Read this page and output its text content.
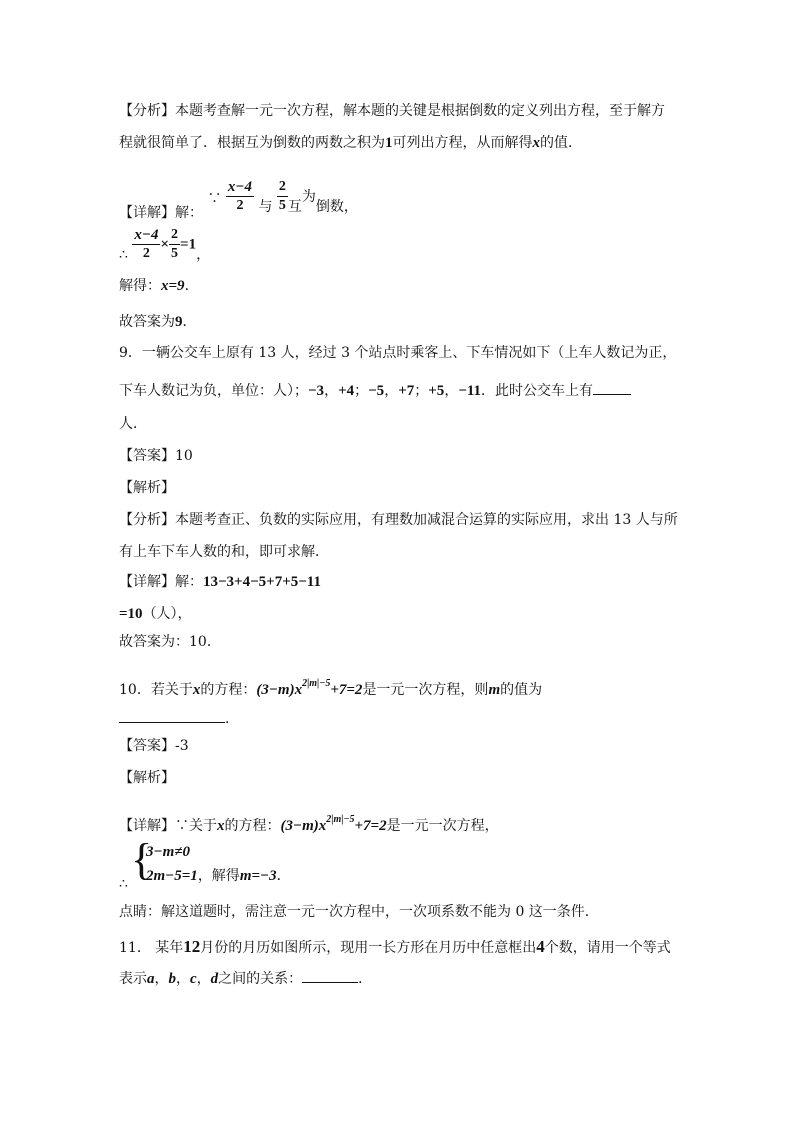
【分析】本题考查解一元一次方程，解本题的关键是根据倒数的定义列出方程，至于解方
程就很简单了．根据互为倒数的两数之积为1可列出方程，从而解得x的值．
【详解】解： ∵ $\frac{x-4}{2}$ 与 $\frac{2}{5}$ 互为倒数，
∴ $\frac{x-4}{2} \times \frac{2}{5} =1$，
解得：x=9．
故答案为9．
9．一辆公交车上原有 13 人，经过 3 个站点时乘客上、下车情况如下（上车人数记为正，
下车人数记为负，单位：人）；−3，+4；−5，+7；+5，−11．此时公交车上有
人．
【答案】10
【解析】
【分析】本题考查正、负数的实际应用，有理数加减混合运算的实际应用，求出 13 人与所
有上车下车人数的和，即可求解．
【详解】解：13−3+4−5+7+5−11
=10（人），
故答案为：10．
10．若关于x的方程：$(3-m)x^{2|m|-5}+7=2$是一元一次方程，则m的值为
．
【答案】-3
【解析】
【详解】∵关于x的方程：$(3-m)x^{2|m|-5}+7=2$是一元一次方程，
{
3−m≠0
2m−5=1，解得m=−3．
∴
点睛：解这道题时，需注意一元一次方程中，一次项系数不能为 0 这一条件．
11． 某年12月份的月历如图所示，现用一长方形在月历中任意框出4个数，请用一个等式
表示a，b，c，d之间的关系：	．
